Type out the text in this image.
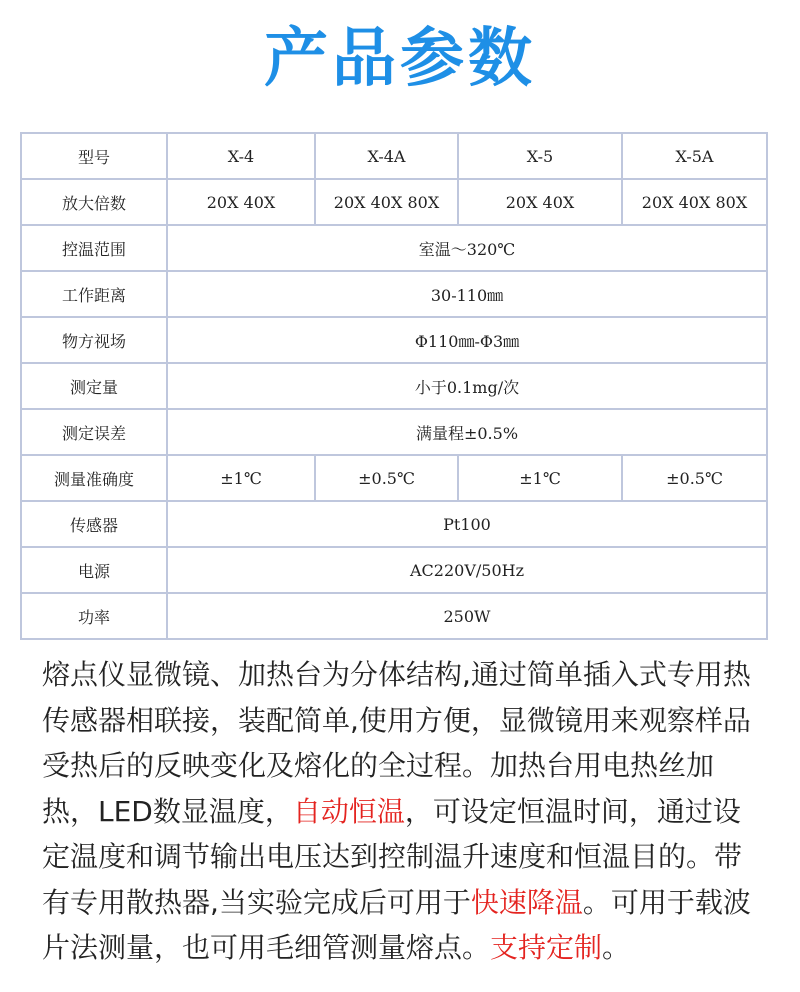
产品参数
型号	X-4	X-4A	X-5	X-5A
放大倍数	20X 40X	20X 40X 80X	20X 40X	20X 40X 80X
控温范围	室温～320℃			
工作距离	30-110㎜			
物方视场	Φ110㎜-Φ3㎜			
测定量	小于0.1mg/次			
测定误差	满量程±0.5%			
测量准确度	±1℃	±0.5℃	±1℃	±0.5℃
传感器	Pt100			
电源	AC220V/50Hz			
功率	250W			
熔点仪显微镜、加热台为分体结构,通过简单插入式专用热传感器相联接，装配简单,使用方便，显微镜用来观察样品受热后的反映变化及熔化的全过程。加热台用电热丝加热，LED数显温度，自动恒温，可设定恒温时间，通过设定温度和调节输出电压达到控制温升速度和恒温目的。带有专用散热器,当实验完成后可用于快速降温。可用于载波片法测量，也可用毛细管测量熔点。支持定制。
